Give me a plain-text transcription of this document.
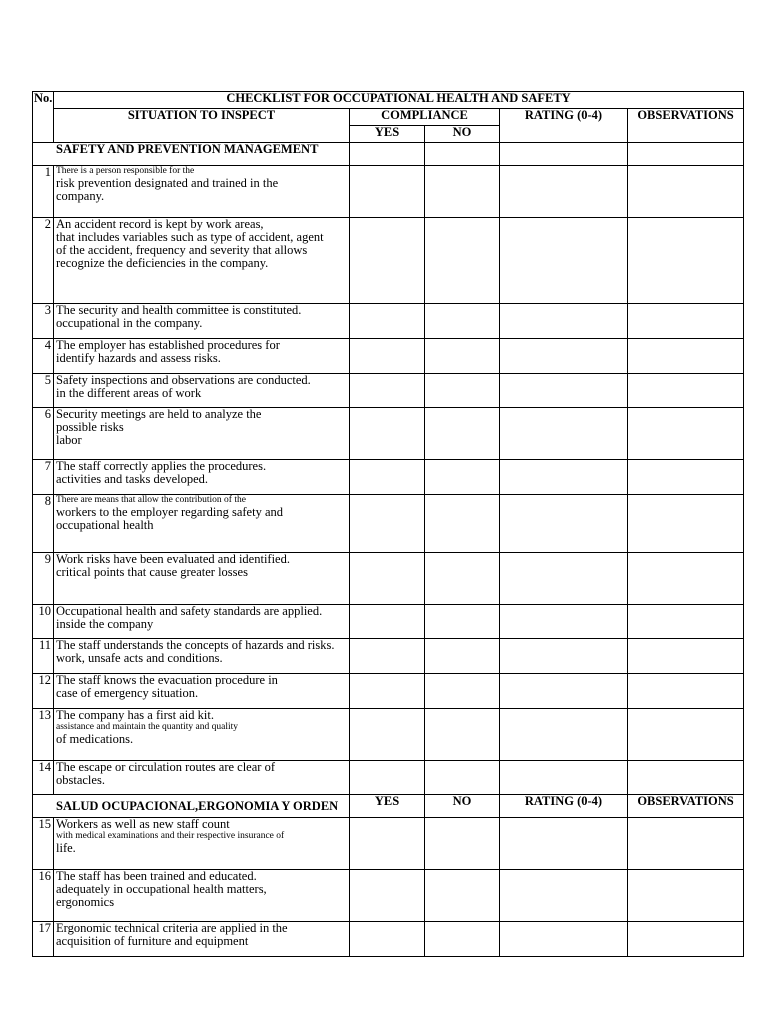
No.	CHECKLIST FOR OCCUPATIONAL HEALTH AND SAFETY				
	SITUATION TO INSPECT	COMPLIANCE		RATING (0-4)	OBSERVATIONS
		YES	NO		
SAFETY AND PREVENTION MANAGEMENT					
1	There is a person responsible for the
risk prevention designated and trained in the
company.				

2	An accident record is kept by work areas,
that includes variables such as type of accident, agent
of the accident, frequency and severity that allows
recognize the deficiencies in the company.				

3	The security and health committee is constituted.
occupational in the company.				

4	The employer has established procedures for
identify hazards and assess risks.				

5	Safety inspections and observations are conducted.
in the different areas of work				

6	Security meetings are held to analyze the
possible risks
labor				

7	The staff correctly applies the procedures.
activities and tasks developed.				

8	There are means that allow the contribution of the
workers to the employer regarding safety and
occupational health				

9	Work risks have been evaluated and identified.
critical points that cause greater losses				

10	Occupational health and safety standards are applied.
inside the company				

11	The staff understands the concepts of hazards and risks.
work, unsafe acts and conditions.				

12	The staff knows the evacuation procedure in
case of emergency situation.				

13	The company has a first aid kit.
assistance and maintain the quantity and quality
of medications.				

14	The escape or circulation routes are clear of
obstacles.				

SALUD OCUPACIONAL,ERGONOMIA Y ORDEN		YES	NO	RATING (0-4)	OBSERVATIONS
15	Workers as well as new staff count
with medical examinations and their respective insurance of
life.				

16	The staff has been trained and educated.
adequately in occupational health matters,
ergonomics				

17	Ergonomic technical criteria are applied in the
acquisition of furniture and equipment				
